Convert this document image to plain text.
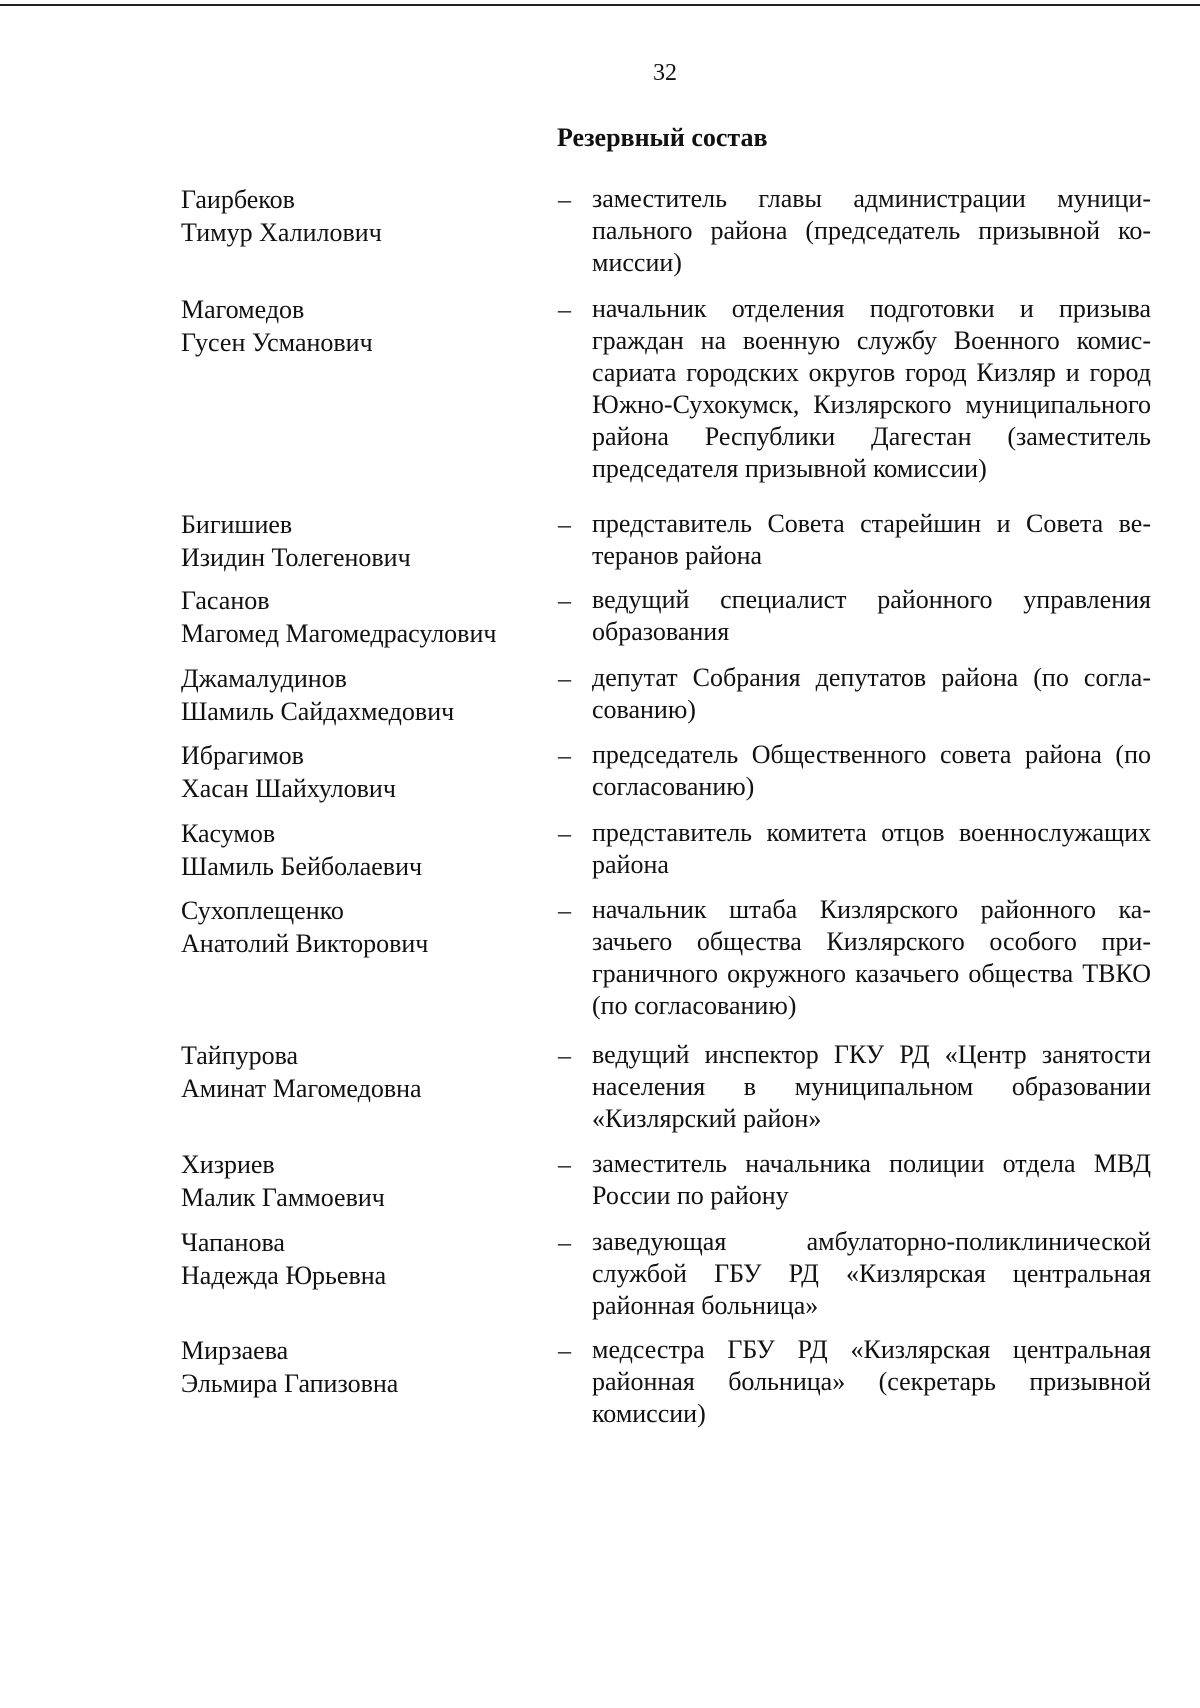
32
Резервный состав
Гаирбеков
Тимур Халилович
– заместитель главы администрации муниципального района (председатель призывной комиссии)
Магомедов
Гусен Усманович
– начальник отделения подготовки и призыва граждан на военную службу Военного комиссариата городских округов город Кизляр и город Южно-Сухокумск, Кизлярского муниципального района Республики Дагестан (заместитель председателя призывной комиссии)
Бигишиев
Изидин Толегенович
– представитель Совета старейшин и Совета ветеранов района
Гасанов
Магомед Магомедрасулович
– ведущий специалист районного управления образования
Джамалудинов
Шамиль Сайдахмедович
– депутат Собрания депутатов района (по согласованию)
Ибрагимов
Хасан Шайхулович
– председатель Общественного совета района (по согласованию)
Касумов
Шамиль Бейболаевич
– представитель комитета отцов военнослужащих района
Сухоплещенко
Анатолий Викторович
– начальник штаба Кизлярского районного казачьего общества Кизлярского особого приграничного окружного казачьего общества ТВКО (по согласованию)
Тайпурова
Аминат Магомедовна
– ведущий инспектор ГКУ РД «Центр занятости населения в муниципальном образовании «Кизлярский район»
Хизриев
Малик Гаммоевич
– заместитель начальника полиции отдела МВД России по району
Чапанова
Надежда Юрьевна
– заведующая амбулаторно-поликлинической службой ГБУ РД «Кизлярская центральная районная больница»
Мирзаева
Эльмира Гапизовна
– медсестра ГБУ РД «Кизлярская центральная районная больница» (секретарь призывной комиссии)
